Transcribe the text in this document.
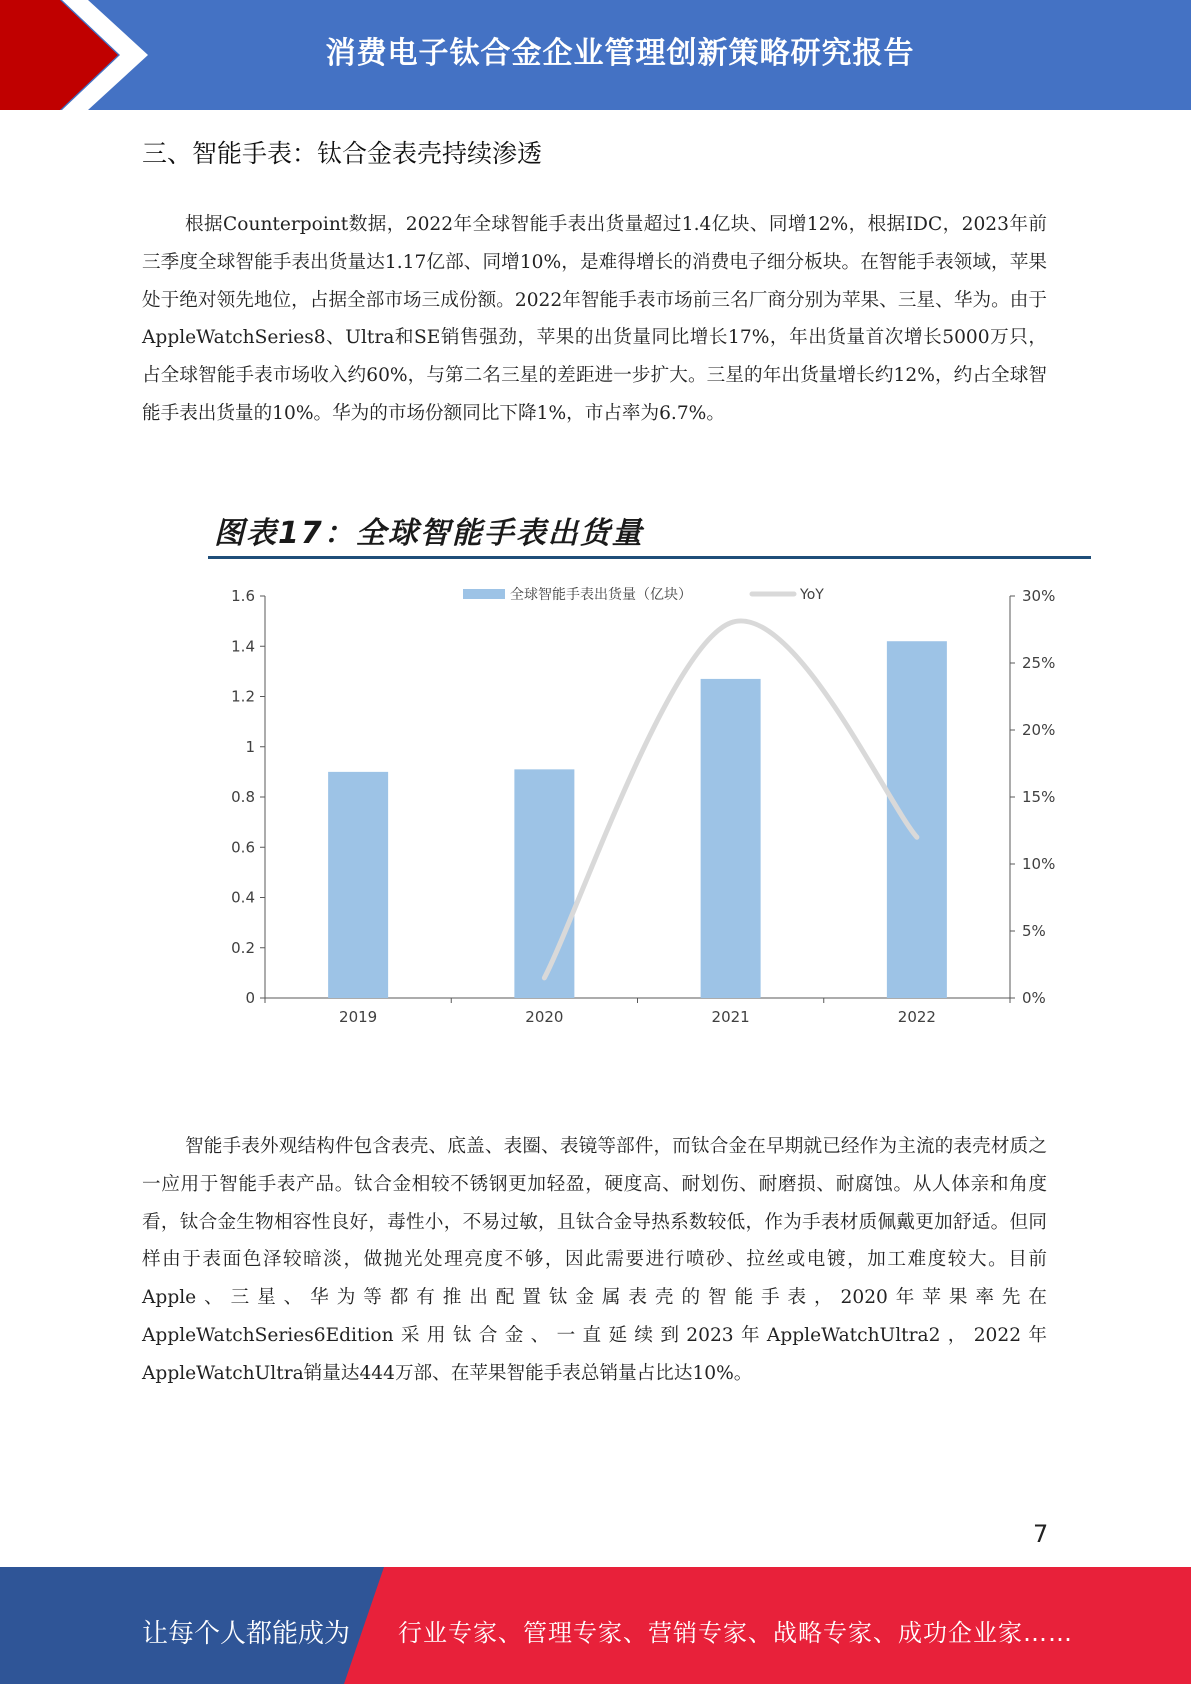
消费电子钛合金企业管理创新策略研究报告
三、智能手表：钛合金表壳持续渗透

根据Counterpoint数据，2022年全球智能手表出货量超过1.4亿块、同增12%，根据IDC，2023年前三季度全球智能手表出货量达1.17亿部、同增10%，是难得增长的消费电子细分板块。在智能手表领域，苹果处于绝对领先地位，占据全部市场三成份额。2022年智能手表市场前三名厂商分别为苹果、三星、华为。由于AppleWatchSeries8、Ultra和SE销售强劲，苹果的出货量同比增长17%，年出货量首次增长5000万只，占全球智能手表市场收入约60%，与第二名三星的差距进一步扩大。三星的年出货量增长约12%，约占全球智能手表出货量的10%。华为的市场份额同比下降1%，市占率为6.7%。

图表17：全球智能手表出货量
0
0.2
0.4
0.6
0.8
1
1.2
1.4
1.6
0%
5%
10%
15%
20%
25%
30%
2019	2020	2021	2022
全球智能手表出货量（亿块）	YoY

智能手表外观结构件包含表壳、底盖、表圈、表镜等部件，而钛合金在早期就已经作为主流的表壳材质之一应用于智能手表产品。钛合金相较不锈钢更加轻盈，硬度高、耐划伤、耐磨损、耐腐蚀。从人体亲和角度看，钛合金生物相容性良好，毒性小，不易过敏，且钛合金导热系数较低，作为手表材质佩戴更加舒适。但同样由于表面色泽较暗淡，做抛光处理亮度不够，因此需要进行喷砂、拉丝或电镀，加工难度较大。目前Apple、三星、华为等都有推出配置钛金属表壳的智能手表，2020年苹果率先在AppleWatchSeries6Edition采用钛合金、一直延续到2023年AppleWatchUltra2，2022年AppleWatchUltra销量达444万部、在苹果智能手表总销量占比达10%。

7
让每个人都能成为 行业专家、管理专家、营销专家、战略专家、成功企业家……
